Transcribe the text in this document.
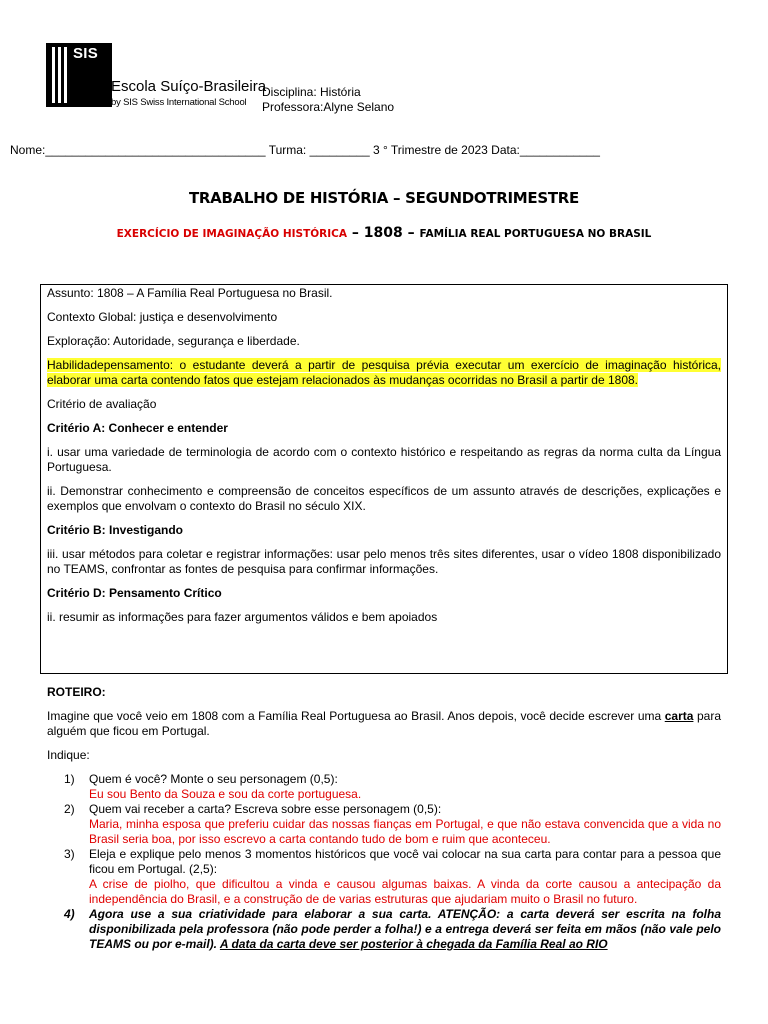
SIS
Escola Suíço-Brasileira
by SIS Swiss International School
Disciplina: História
Professora:Alyne Selano
Nome:_________________________________ Turma: _________ 3 ° Trimestre de 2023 Data:____________
TRABALHO DE HISTÓRIA – SEGUNDOTRIMESTRE
EXERCÍCIO DE IMAGINAÇÃO HISTÓRICA – 1808 – FAMÍLIA REAL PORTUGUESA NO BRASIL

Assunto: 1808 – A Família Real Portuguesa no Brasil.

Contexto Global: justiça e desenvolvimento

Exploração: Autoridade, segurança e liberdade.

Habilidadepensamento: o estudante deverá a partir de pesquisa prévia executar um exercício de imaginação histórica, elaborar uma carta contendo fatos que estejam relacionados às mudanças ocorridas no Brasil a partir de 1808.

Critério de avaliação

Critério A: Conhecer e entender

i. usar uma variedade de terminologia de acordo com o contexto histórico e respeitando as regras da norma culta da Língua Portuguesa.

ii. Demonstrar conhecimento e compreensão de conceitos específicos de um assunto através de descrições, explicações e exemplos que envolvam o contexto do Brasil no século XIX.

Critério B: Investigando

iii. usar métodos para coletar e registrar informações: usar pelo menos três sites diferentes, usar o vídeo 1808 disponibilizado no TEAMS, confrontar as fontes de pesquisa para confirmar informações.

Critério D: Pensamento Crítico

ii. resumir as informações para fazer argumentos válidos e bem apoiados

ROTEIRO:

Imagine que você veio em 1808 com a Família Real Portuguesa ao Brasil. Anos depois, você decide escrever uma carta para alguém que ficou em Portugal.

Indique:

1) Quem é você? Monte o seu personagem (0,5):
Eu sou Bento da Souza e sou da corte portuguesa.
2) Quem vai receber a carta? Escreva sobre esse personagem (0,5):
Maria, minha esposa que preferiu cuidar das nossas fianças em Portugal, e que não estava convencida que a vida no Brasil seria boa, por isso escrevo a carta contando tudo de bom e ruim que aconteceu.
3) Eleja e explique pelo menos 3 momentos históricos que você vai colocar na sua carta para contar para a pessoa que ficou em Portugal. (2,5):
A crise de piolho, que dificultou a vinda e causou algumas baixas. A vinda da corte causou a antecipação da independência do Brasil, e a construção de de varias estruturas que ajudariam muito o Brasil no futuro.
4) Agora use a sua criatividade para elaborar a sua carta. ATENÇÃO: a carta deverá ser escrita na folha disponibilizada pela professora (não pode perder a folha!) e a entrega deverá ser feita em mãos (não vale pelo TEAMS ou por e-mail). A data da carta deve ser posterior à chegada da Família Real ao RIO
